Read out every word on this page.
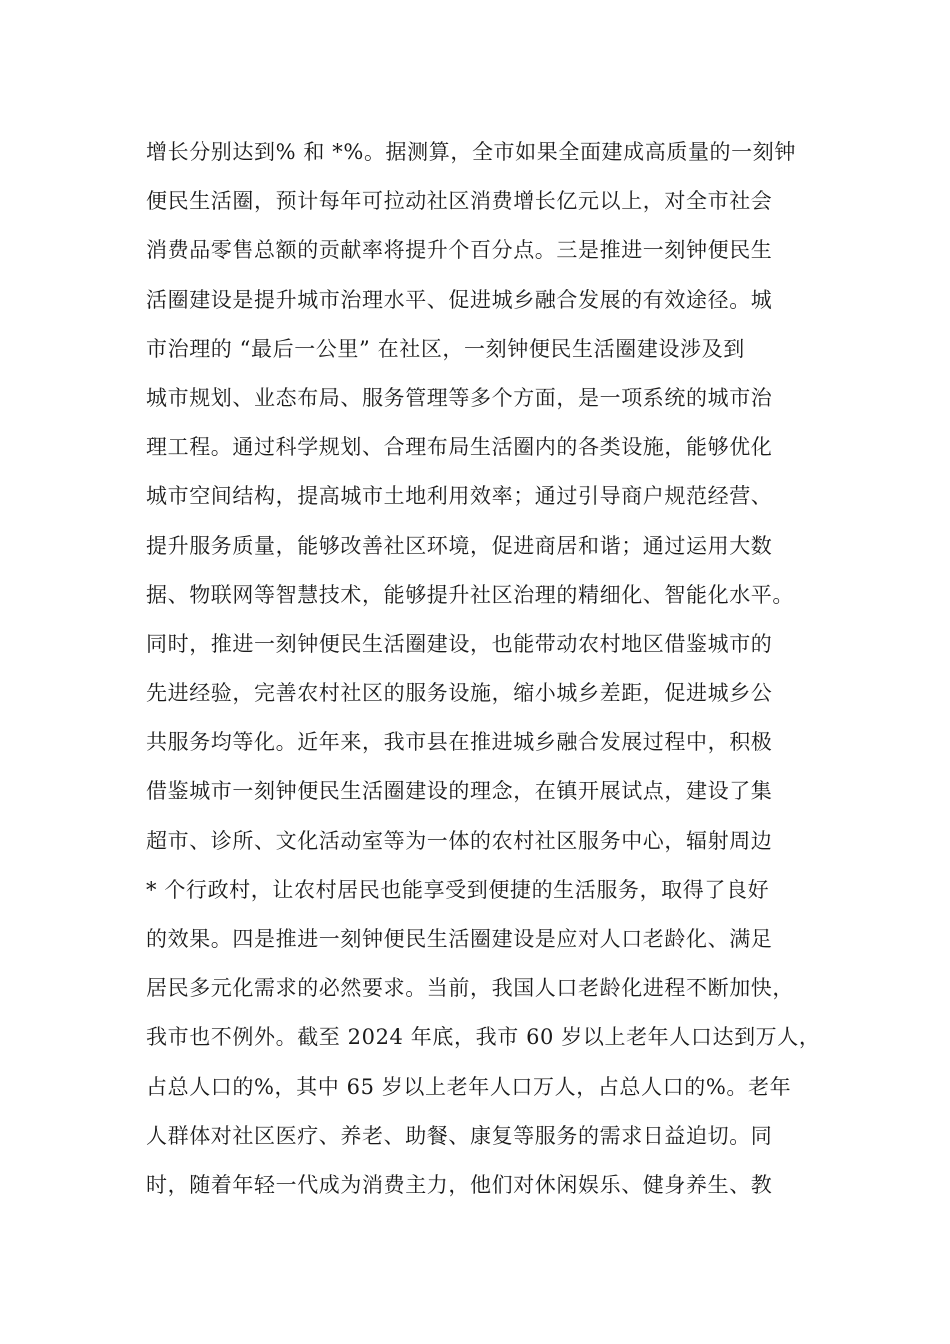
增长分别达到% 和 *%。据测算，全市如果全面建成高质量的一刻钟
便民生活圈，预计每年可拉动社区消费增长亿元以上，对全市社会
消费品零售总额的贡献率将提升个百分点。三是推进一刻钟便民生
活圈建设是提升城市治理水平、促进城乡融合发展的有效途径。城
市治理的 “最后一公里” 在社区，一刻钟便民生活圈建设涉及到
城市规划、业态布局、服务管理等多个方面，是一项系统的城市治
理工程。通过科学规划、合理布局生活圈内的各类设施，能够优化
城市空间结构，提高城市土地利用效率；通过引导商户规范经营、
提升服务质量，能够改善社区环境，促进商居和谐；通过运用大数
据、物联网等智慧技术，能够提升社区治理的精细化、智能化水平。
同时，推进一刻钟便民生活圈建设，也能带动农村地区借鉴城市的
先进经验，完善农村社区的服务设施，缩小城乡差距，促进城乡公
共服务均等化。近年来，我市县在推进城乡融合发展过程中，积极
借鉴城市一刻钟便民生活圈建设的理念，在镇开展试点，建设了集
超市、诊所、文化活动室等为一体的农村社区服务中心，辐射周边
* 个行政村，让农村居民也能享受到便捷的生活服务，取得了良好
的效果。四是推进一刻钟便民生活圈建设是应对人口老龄化、满足
居民多元化需求的必然要求。当前，我国人口老龄化进程不断加快，
我市也不例外。截至 2024 年底，我市 60 岁以上老年人口达到万人，
占总人口的%，其中 65 岁以上老年人口万人，占总人口的%。老年
人群体对社区医疗、养老、助餐、康复等服务的需求日益迫切。同
时，随着年轻一代成为消费主力，他们对休闲娱乐、健身养生、教
